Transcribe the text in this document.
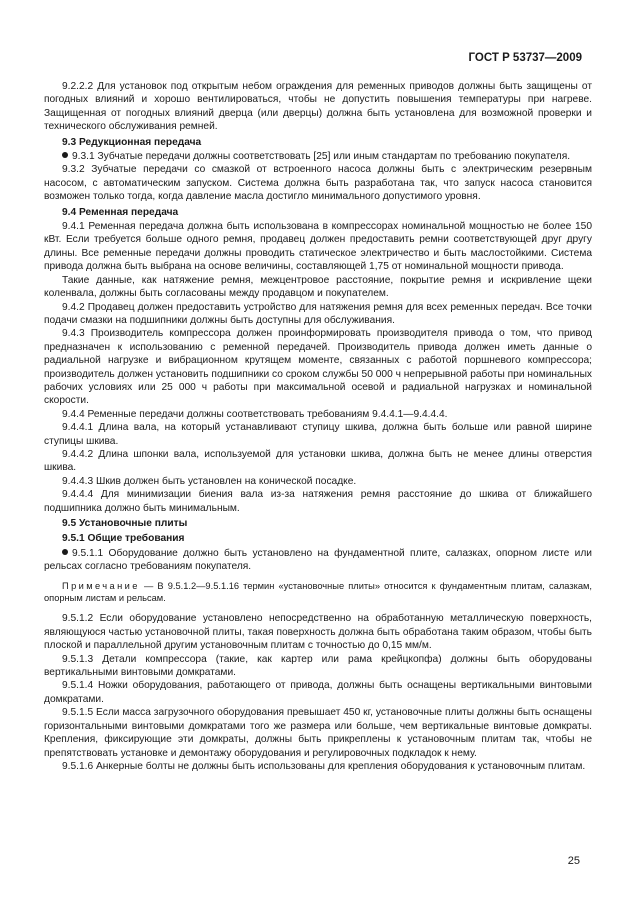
ГОСТ Р 53737—2009

9.2.2.2 Для установок под открытым небом ограждения для ременных приводов должны быть защищены от погодных влияний и хорошо вентилироваться, чтобы не допустить повышения температуры при нагреве. Защищенная от погодных влияний дверца (или дверцы) должна быть установлена для возможной проверки и технического обслуживания ремней.

9.3 Редукционная передача

9.3.1 Зубчатые передачи должны соответствовать [25] или иным стандартам по требованию покупателя.

9.3.2 Зубчатые передачи со смазкой от встроенного насоса должны быть с электрическим резервным насосом, с автоматическим запуском. Система должна быть разработана так, что запуск насоса становится возможен только тогда, когда давление масла достигло минимального допустимого уровня.

9.4 Ременная передача

9.4.1 Ременная передача должна быть использована в компрессорах номинальной мощностью не более 150 кВт. Если требуется больше одного ремня, продавец должен предоставить ремни соответствующей друг другу длины. Все ременные передачи должны проводить статическое электричество и быть маслостойкими. Система привода должна быть выбрана на основе величины, составляющей 1,75 от номинальной мощности привода.

Такие данные, как натяжение ремня, межцентровое расстояние, покрытие ремня и искривление щеки коленвала, должны быть согласованы между продавцом и покупателем.

9.4.2 Продавец должен предоставить устройство для натяжения ремня для всех ременных передач. Все точки подачи смазки на подшипники должны быть доступны для обслуживания.

9.4.3 Производитель компрессора должен проинформировать производителя привода о том, что привод предназначен к использованию с ременной передачей. Производитель привода должен иметь данные о радиальной нагрузке и вибрационном крутящем моменте, связанных с работой поршневого компрессора; производитель должен установить подшипники со сроком службы 50 000 ч непрерывной работы при номинальных рабочих условиях или 25 000 ч работы при максимальной осевой и радиальной нагрузках и номинальной скорости.

9.4.4 Ременные передачи должны соответствовать требованиям 9.4.4.1—9.4.4.4.

9.4.4.1 Длина вала, на который устанавливают ступицу шкива, должна быть больше или равной ширине ступицы шкива.

9.4.4.2 Длина шпонки вала, используемой для установки шкива, должна быть не менее длины отверстия шкива.

9.4.4.3 Шкив должен быть установлен на конической посадке.

9.4.4.4 Для минимизации биения вала из-за натяжения ремня расстояние до шкива от ближайшего подшипника должно быть минимальным.

9.5 Установочные плиты
9.5.1 Общие требования

9.5.1.1 Оборудование должно быть установлено на фундаментной плите, салазках, опорном листе или рельсах согласно требованиям покупателя.

Примечание — В 9.5.1.2—9.5.1.16 термин «установочные плиты» относится к фундаментным плитам, салазкам, опорным листам и рельсам.

9.5.1.2 Если оборудование установлено непосредственно на обработанную металлическую поверхность, являющуюся частью установочной плиты, такая поверхность должна быть обработана таким образом, чтобы быть плоской и параллельной другим установочным плитам с точностью до 0,15 мм/м.

9.5.1.3 Детали компрессора (такие, как картер или рама крейцкопфа) должны быть оборудованы вертикальными винтовыми домкратами.

9.5.1.4 Ножки оборудования, работающего от привода, должны быть оснащены вертикальными винтовыми домкратами.

9.5.1.5 Если масса загрузочного оборудования превышает 450 кг, установочные плиты должны быть оснащены горизонтальными винтовыми домкратами того же размера или больше, чем вертикальные винтовые домкраты. Крепления, фиксирующие эти домкраты, должны быть прикреплены к установочным плитам так, чтобы не препятствовать установке и демонтажу оборудования и регулировочных подкладок к нему.

9.5.1.6 Анкерные болты не должны быть использованы для крепления оборудования к установочным плитам.

25
